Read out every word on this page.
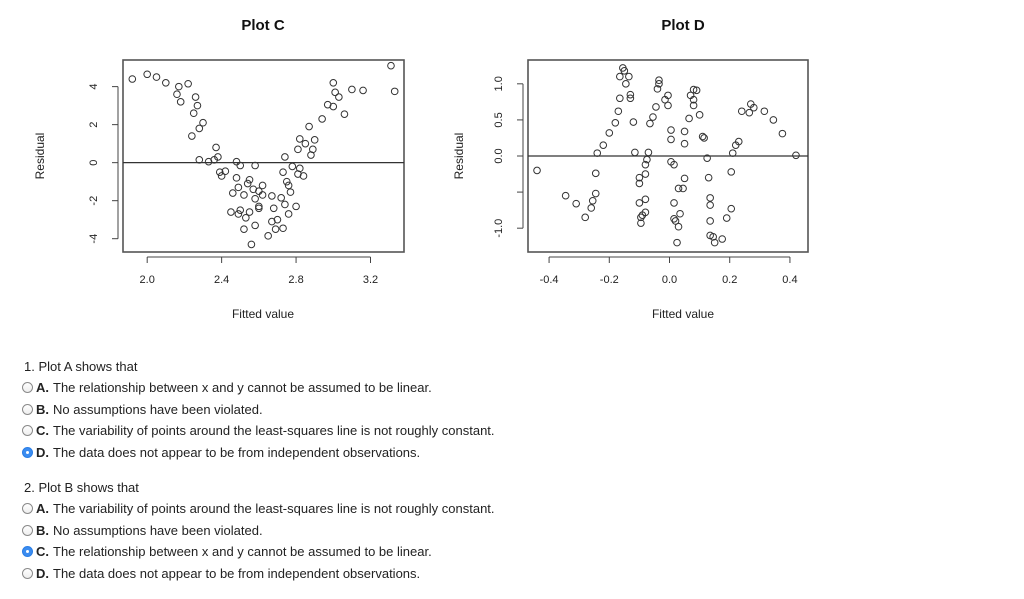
Plot C
2.0	2.4	2.8	3.2
-4
-2
0
2
4
Fitted value
Residual
Plot D
-0.4	-0.2	0.0	0.2	0.4
-1.0
0.0
0.5
1.0
Fitted value
Residual
1. Plot A shows that
A. The relationship between x and y cannot be assumed to be linear.
B. No assumptions have been violated.
C. The variability of points around the least-squares line is not roughly constant.
D. The data does not appear to be from independent observations.
2. Plot B shows that
A. The variability of points around the least-squares line is not roughly constant.
B. No assumptions have been violated.
C. The relationship between x and y cannot be assumed to be linear.
D. The data does not appear to be from independent observations.
